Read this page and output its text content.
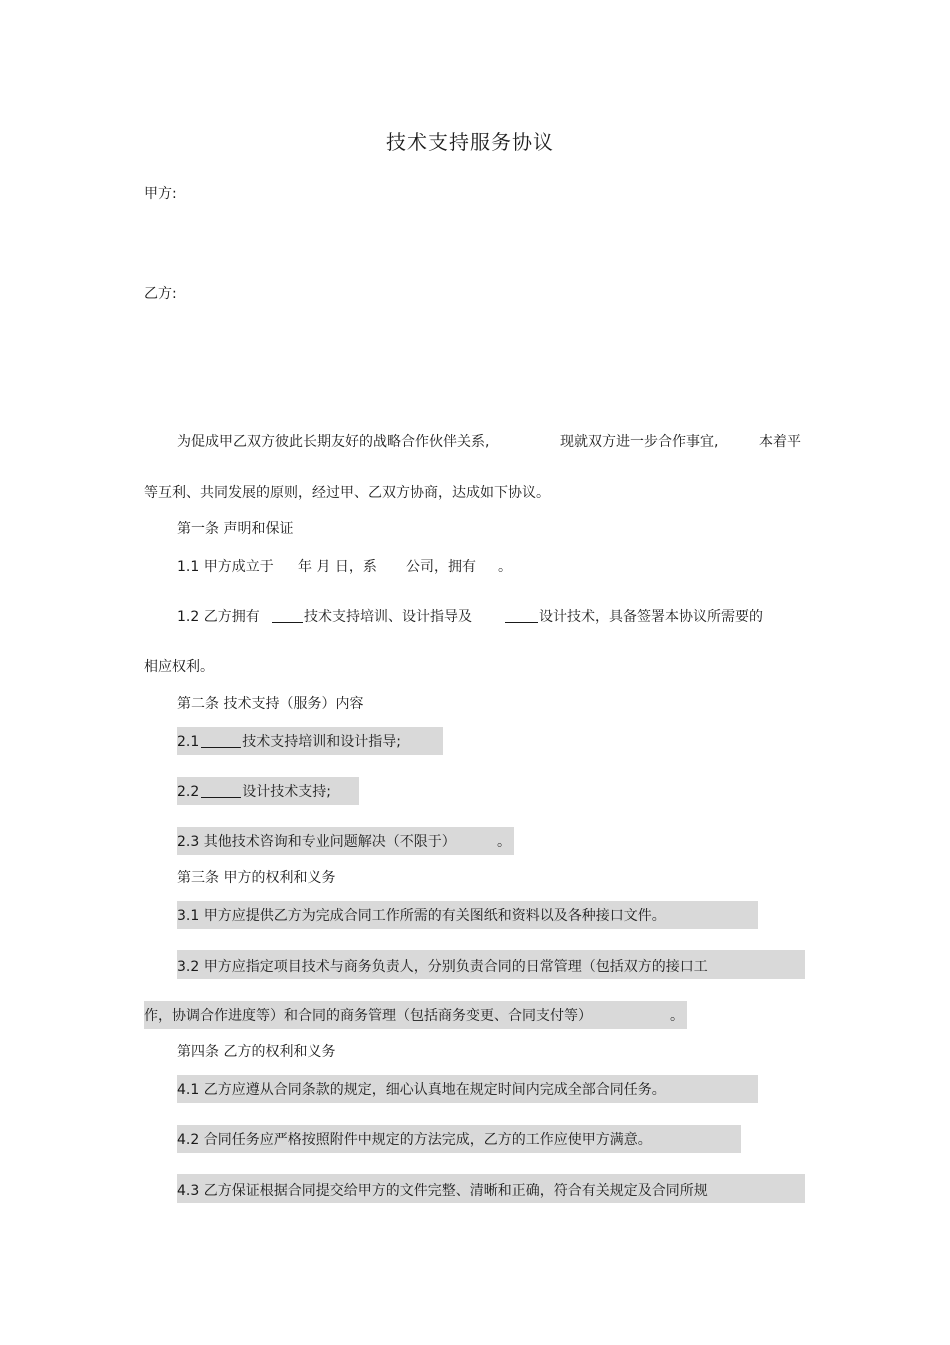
技术支持服务协议
甲方:
乙方:
为促成甲乙双方彼此长期友好的战略合作伙伴关系,	现就双方进一步合作事宜,	本着平
等互利、共同发展的原则，经过甲、乙双方协商，达成如下协议。
第一条 声明和保证
1.1 甲方成立于 年 月 日，系 公司，拥有 。
1.2 乙方拥有	技术支持培训、设计指导及	设计技术，具备签署本协议所需要的
相应权利。
第二条 技术支持（服务）内容
2.1	技术支持培训和设计指导;
2.2	设计技术支持;
2.3 其他技术咨询和专业问题解决（不限于）	。
第三条 甲方的权利和义务
3.1 甲方应提供乙方为完成合同工作所需的有关图纸和资料以及各种接口文件。
3.2 甲方应指定项目技术与商务负责人，分别负责合同的日常管理（包括双方的接口工
作，协调合作进度等）和合同的商务管理（包括商务变更、合同支付等）	。
第四条 乙方的权利和义务
4.1 乙方应遵从合同条款的规定，细心认真地在规定时间内完成全部合同任务。
4.2 合同任务应严格按照附件中规定的方法完成，乙方的工作应使甲方满意。
4.3 乙方保证根据合同提交给甲方的文件完整、清晰和正确，符合有关规定及合同所规
